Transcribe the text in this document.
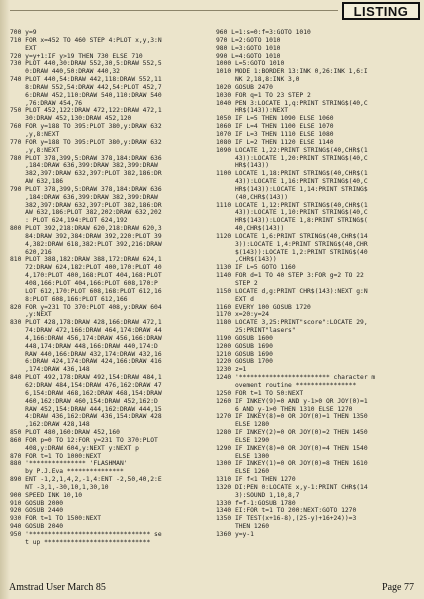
LISTING
700 y=9
710 FOR x=452 TO 460 STEP 4:PLOT x,y,3:N
EXT
720 y=y+1:IF y>19 THEN 730 ELSE 710
730 PLOT 440,30:DRAW 552,30,5:DRAW 552,5
0:DRAW 440,50:DRAW 440,32
740 PLOT 440,54:DRAW 442,118:DRAW 552,11
8:DRAW 552,54:DRAW 442,54:PLOT 452,7
6:DRAW 452,110:DRAW 540,110:DRAW 540
,76:DRAW 454,76
750 PLOT 452,122:DRAW 472,122:DRAW 472,1
30:DRAW 452,130:DRAW 452,120
760 FOR y=188 TO 395:PLOT 380,y:DRAW 632
,y,8:NEXT
770 FOR y=188 TO 395:PLOT 380,y:DRAW 632
,y,8:NEXT
780 PLOT 378,399,5:DRAW 378,184:DRAW 636
,184:DRAW 636,399:DRAW 382,399:DRAW
382,397:DRAW 632,397:PLOT 382,186:DR
AW 632,186
790 PLOT 378,399,5:DRAW 378,184:DRAW 636
,184:DRAW 636,399:DRAW 382,399:DRAW
382,397:DRAW 632,397:PLOT 382,186:DR
AW 632,186:PLOT 382,202:DRAW 632,202
: PLOT 624,194:PLOT 624,192
800 PLOT 392,218:DRAW 620,218:DRAW 620,3
84:DRAW 392,384:DRAW 392,220:PLOT 39
4,382:DRAW 618,382:PLOT 392,216:DRAW
620,216
810 PLOT 388,182:DRAW 388,172:DRAW 624,1
72:DRAW 624,182:PLOT 400,170:PLOT 40
4,170:PLOT 400,168:PLOT 404,168:PLOT
408,166:PLOT 404,166:PLOT 608,170:P
LOT 612,170:PLOT 608,168:PLOT 612,16
8:PLOT 608,166:PLOT 612,166
820 FOR y=231 TO 370:PLOT 408,y:DRAW 604
,y:NEXT
830 PLOT 428,178:DRAW 428,166:DRAW 472,1
74:DRAW 472,166:DRAW 464,174:DRAW 44
4,166:DRAW 456,174:DRAW 456,166:DRAW
448,174:DRAW 448,166:DRAW 440,174:D
RAW 440,166:DRAW 432,174:DRAW 432,16
6:DRAW 424,174:DRAW 424,166:DRAW 416
,174:DRAW 436,148
840 PLOT 492,178:DRAW 492,154:DRAW 484,1
62:DRAW 484,154:DRAW 476,162:DRAW 47
6,154:DRAW 468,162:DRAW 468,154:DRAW
460,162:DRAW 460,154:DRAW 452,162:D
RAW 452,154:DRAW 444,162:DRAW 444,15
4:DRAW 436,162:DRAW 436,154:DRAW 428
,162:DRAW 428,148
850 PLOT 480,160:DRAW 452,160
860 FOR p=0 TO 12:FOR y=231 TO 370:PLOT
408,y:DRAW 604,y:NEXT y:NEXT p
870 FOR t=1 TO 1000:NEXT
880 '*************** 'FLASHMAN'
by P.J.Eva ***************
890 ENT -1,2,1,4,2,-1,4:ENT -2,50,40,2:E
NT -3,1,-30,10,1,30,10
900 SPEED INK 10,10
910 GOSUB 2000
920 GOSUB 2440
930 FOR t=1 TO 1500:NEXT
940 GOSUB 2040
950 '******************************** se
t up ****************************
960 L=1:s=0:f=3:GOTO 1010
970 L=2:GOTO 1010
980 L=3:GOTO 1010
990 L=4:GOTO 1010
1000 L=5:GOTO 1010
1010 MODE 1:BORDER 13:INK 0,26:INK 1,6:I
NK 2,18,8:INK 3,0
1020 GOSUB 2470
1030 FOR q=1 TO 23 STEP 2
1040 PEN 3:LOCATE 1,q:PRINT STRING$(40,C
HR$(143)):NEXT
1050 IF L=5 THEN 1090 ELSE 1060
1060 IF L=4 THEN 1100 ELSE 1070
1070 IF L=3 THEN 1110 ELSE 1080
1080 IF L=2 THEN 1120 ELSE 1140
1090 LOCATE 1,22:PRINT STRING$(40,CHR$(1
43)):LOCATE 1,20:PRINT STRING$(40,C
HR$(143))
1100 LOCATE 1,18:PRINT STRING$(40,CHR$(1
43)):LOCATE 1,16:PRINT STRING$(40,C
HR$(143)):LOCATE 1,14:PRINT STRING$
(40,CHR$(143))
1110 LOCATE 1,12:PRINT STRING$(40,CHR$(1
43)):LOCATE 1,10:PRINT STRING$(40,C
HR$(143)):LOCATE 1,8:PRINT STRING$(
40,CHR$(143))
1120 LOCATE 1,6:PRINT STRING$(40,CHR$(14
3)):LOCATE 1,4:PRINT STRING$(40,CHR
$(143)):LOCATE 1,2:PRINT STRING$(40
,CHR$(143))
1130 IF L=5 GOTO 1160
1140 FOR d=1 TO 40 STEP 3:FOR g=2 TO 22
STEP 2
1150 LOCATE d,g:PRINT CHR$(143):NEXT g:N
EXT d
1160 EVERY 100 GOSUB 1720
1170 x=20:y=24
1180 LOCATE 3,25:PRINT"score":LOCATE 29,
25:PRINT"lasers"
1190 GOSUB 1600
1200 GOSUB 1690
1210 GOSUB 1690
1220 GOSUB 1700
1230 z=1
1240 '************************ character m
ovement routine ****************
1250 FOR t=1 TO 50:NEXT
1260 IF INKEY(9)=0 AND y-1>0 OR JOY(0)=1
6 AND y-1>0 THEN 1310 ELSE 1270
1270 IF INKEY(8)=0 OR JOY(0)=1 THEN 1350
ELSE 1280
1280 IF INKEY(2)=0 OR JOY(0)=2 THEN 1450
ELSE 1290
1290 IF INKEY(8)=0 OR JOY(0)=4 THEN 1540
ELSE 1300
1300 IF INKEY(1)=0 OR JOY(0)=8 THEN 1610
ELSE 1260
1310 IF f<1 THEN 1270
1320 DI:PEN 0:LOCATE x,y-1:PRINT CHR$(14
3):SOUND 1,10,8,7
1330 f=f-1:GOSUB 1780
1340 EI:FOR t=1 TO 200:NEXT:GOTO 1270
1350 IF TEST(x+16-8),(25-y)+16+24))=3
THEN 1260
1360 y=y-1
Amstrad User March 85	Page 77
